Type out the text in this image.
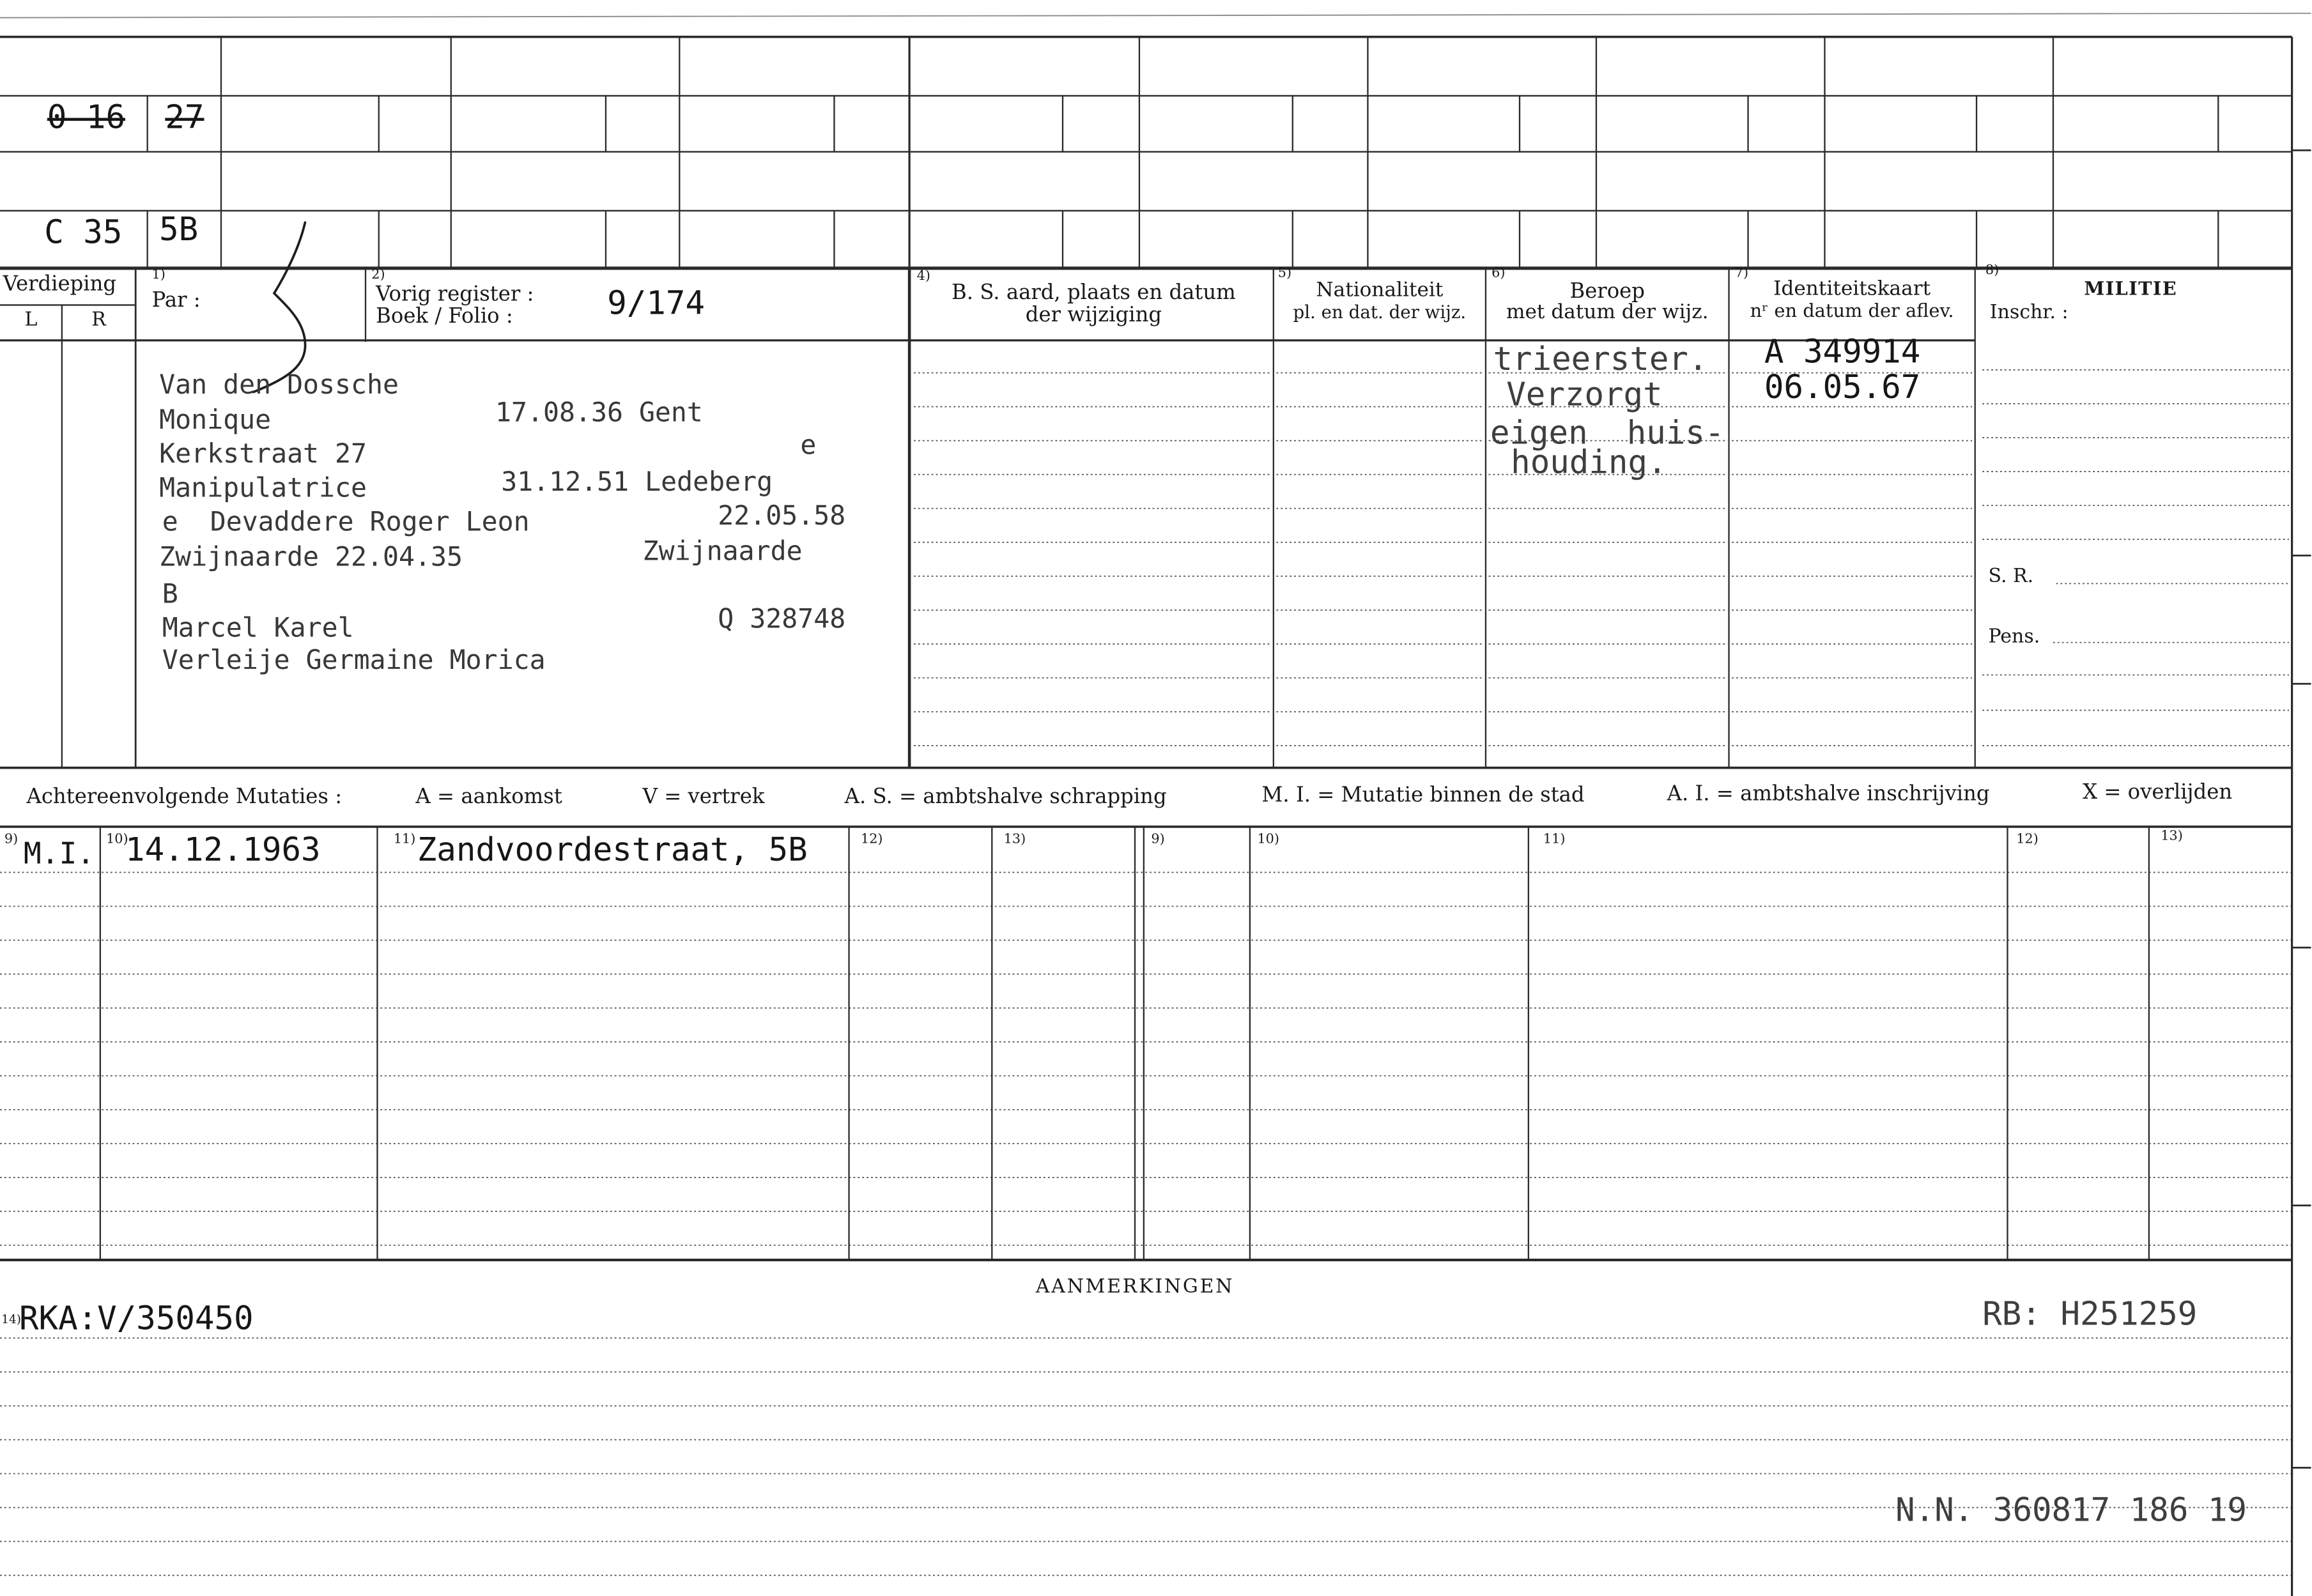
0 16	27
C 35	5B
Verdieping
L	R
1)
Par :
2)
Vorig register :
Boek / Folio :	9/174
4)
B. S. aard, plaats en datum
der wijziging
5)
Nationaliteit
pl. en dat. der wijz.
6)
Beroep
met datum der wijz.
7)
Identiteitskaart
nʳ en datum der aflev.
8)
MILITIE
Inschr. :
Van den Dossche
Monique	17.08.36 Gent
Kerkstraat 27	e
Manipulatrice	31.12.51 Ledeberg
e  Devaddere Roger Leon	22.05.58
Zwijnaarde 22.04.35	Zwijnaarde
B
Marcel Karel	Q 328748
Verleije Germaine Morica
trieerster.
Verzorgt
eigen  huis-
houding.
A 349914
06.05.67
S. R.
Pens.
Achtereenvolgende Mutaties :	A = aankomst	V = vertrek	A. S. = ambtshalve schrapping	M. I. = Mutatie binnen de stad	A. I. = ambtshalve inschrijving	X = overlijden
9)	10)	11)	12)	13)	9)	10)	11)	12)	13)
M.I. 14.12.1963	Zandvoordestraat, 5B
AANMERKINGEN
14)
RKA:V/350450	RB: H251259
N.N. 360817 186 19
